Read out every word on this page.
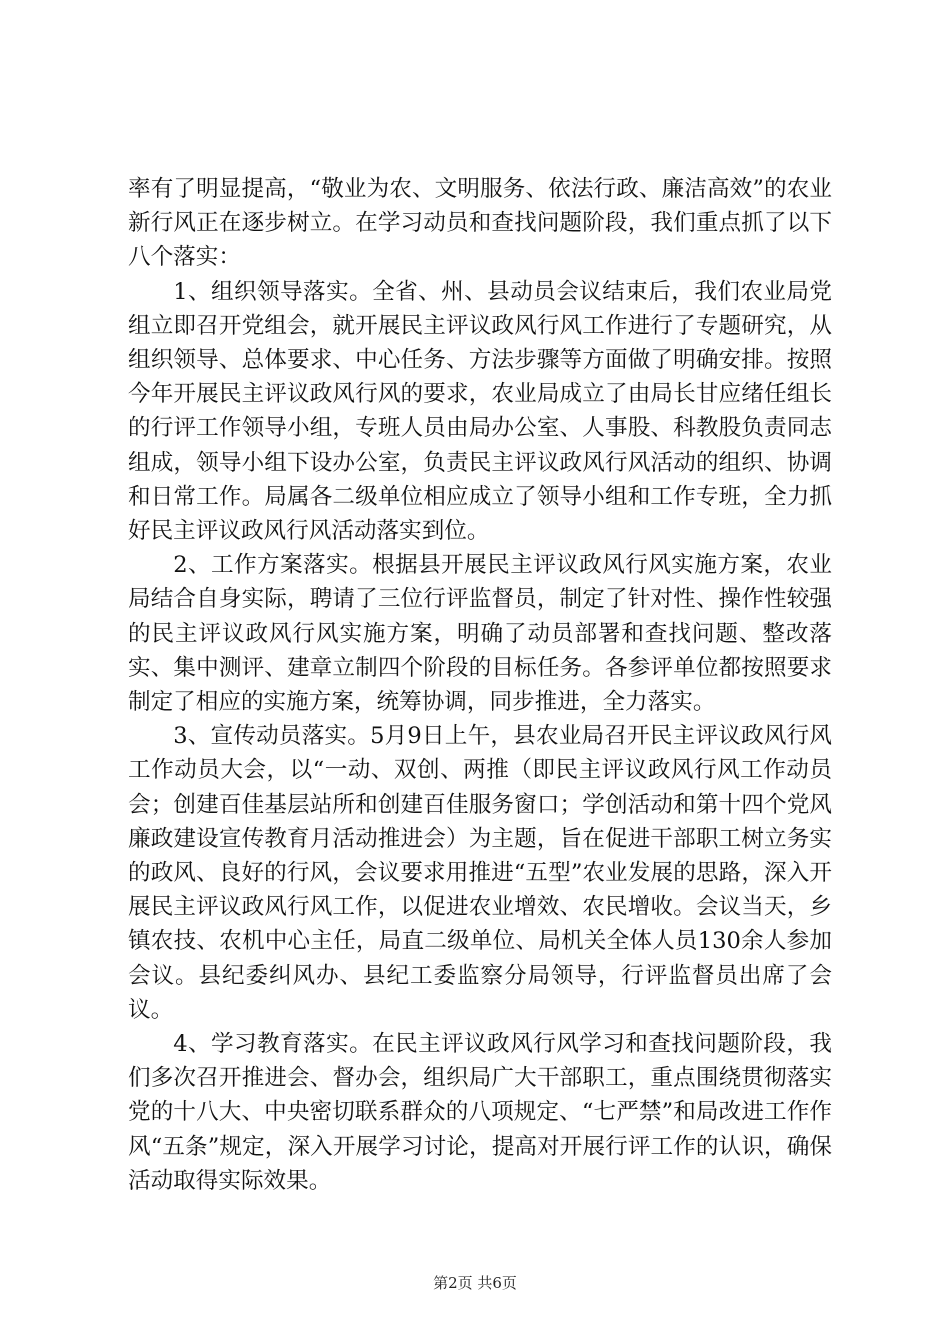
率有了明显提高，“敬业为农、文明服务、依法行政、廉洁高效”的农业新行风正在逐步树立。在学习动员和查找问题阶段，我们重点抓了以下八个落实：

1、组织领导落实。全省、州、县动员会议结束后，我们农业局党组立即召开党组会，就开展民主评议政风行风工作进行了专题研究，从组织领导、总体要求、中心任务、方法步骤等方面做了明确安排。按照今年开展民主评议政风行风的要求，农业局成立了由局长甘应绪任组长的行评工作领导小组，专班人员由局办公室、人事股、科教股负责同志组成，领导小组下设办公室，负责民主评议政风行风活动的组织、协调和日常工作。局属各二级单位相应成立了领导小组和工作专班，全力抓好民主评议政风行风活动落实到位。

2、工作方案落实。根据县开展民主评议政风行风实施方案，农业局结合自身实际，聘请了三位行评监督员，制定了针对性、操作性较强的民主评议政风行风实施方案，明确了动员部署和查找问题、整改落实、集中测评、建章立制四个阶段的目标任务。各参评单位都按照要求制定了相应的实施方案，统筹协调，同步推进，全力落实。

3、宣传动员落实。5月9日上午，县农业局召开民主评议政风行风工作动员大会，以“一动、双创、两推（即民主评议政风行风工作动员会；创建百佳基层站所和创建百佳服务窗口；学创活动和第十四个党风廉政建设宣传教育月活动推进会）为主题，旨在促进干部职工树立务实的政风、良好的行风，会议要求用推进“五型”农业发展的思路，深入开展民主评议政风行风工作，以促进农业增效、农民增收。会议当天，乡镇农技、农机中心主任，局直二级单位、局机关全体人员130余人参加会议。县纪委纠风办、县纪工委监察分局领导，行评监督员出席了会议。

4、学习教育落实。在民主评议政风行风学习和查找问题阶段，我们多次召开推进会、督办会，组织局广大干部职工，重点围绕贯彻落实党的十八大、中央密切联系群众的八项规定、“七严禁”和局改进工作作风“五条”规定，深入开展学习讨论，提高对开展行评工作的认识，确保活动取得实际效果。

第2页 共6页
